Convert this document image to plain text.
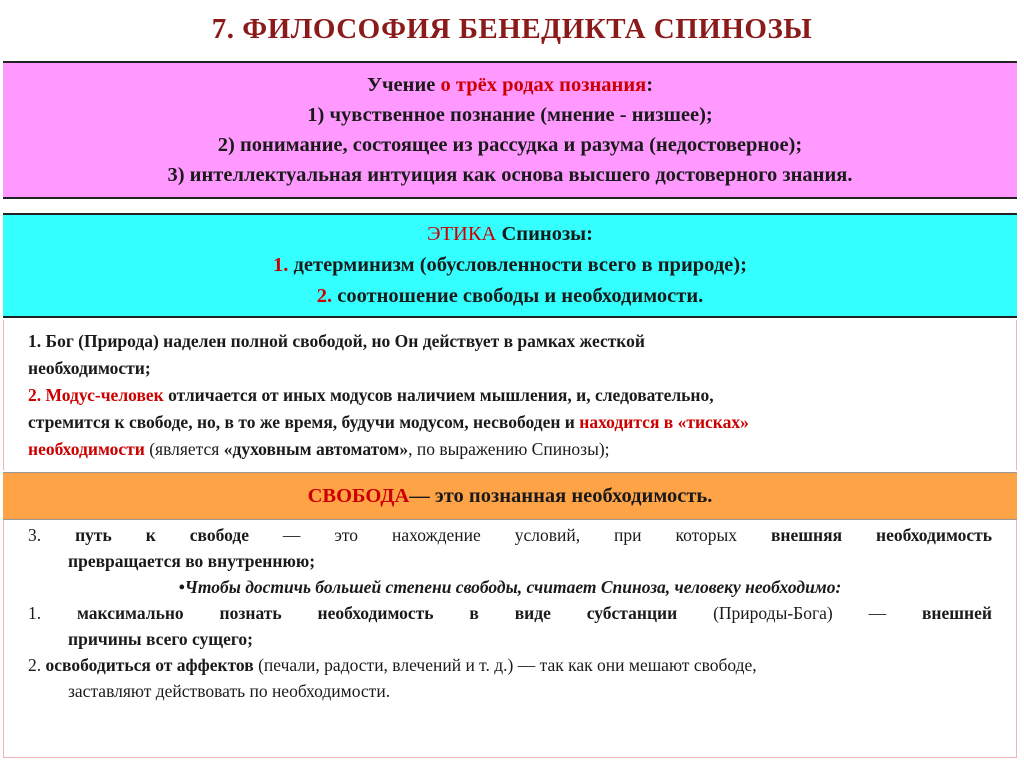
7. ФИЛОСОФИЯ БЕНЕДИКТА СПИНОЗЫ
Учение о трёх родах познания:
1) чувственное познание (мнение - низшее);
2) понимание, состоящее из рассудка и разума (недостоверное);
3) интеллектуальная интуиция как основа высшего достоверного знания.
ЭТИКА Спинозы:
1. детерминизм (обусловленности всего в природе);
2. соотношение свободы и необходимости.
1. Бог (Природа) наделен полной свободой, но Он действует в рамках жесткой
необходимости;
2. Модус-человек отличается от иных модусов наличием мышления, и, следовательно,
стремится к свободе, но, в то же время, будучи модусом, несвободен и находится в «тисках»
необходимости (является «духовным автоматом», по выражению Спинозы);
СВОБОДА — это познанная необходимость.
3. путь к свободе — это нахождение условий, при которых внешняя необходимость
превращается во внутреннюю;
•Чтобы достичь большей степени свободы, считает Спиноза, человеку необходимо:
1. максимально познать необходимость в виде субстанции (Природы-Бога) — внешней
причины всего сущего;
2. освободиться от аффектов (печали, радости, влечений и т. д.) — так как они мешают свободе,
заставляют действовать по необходимости.
